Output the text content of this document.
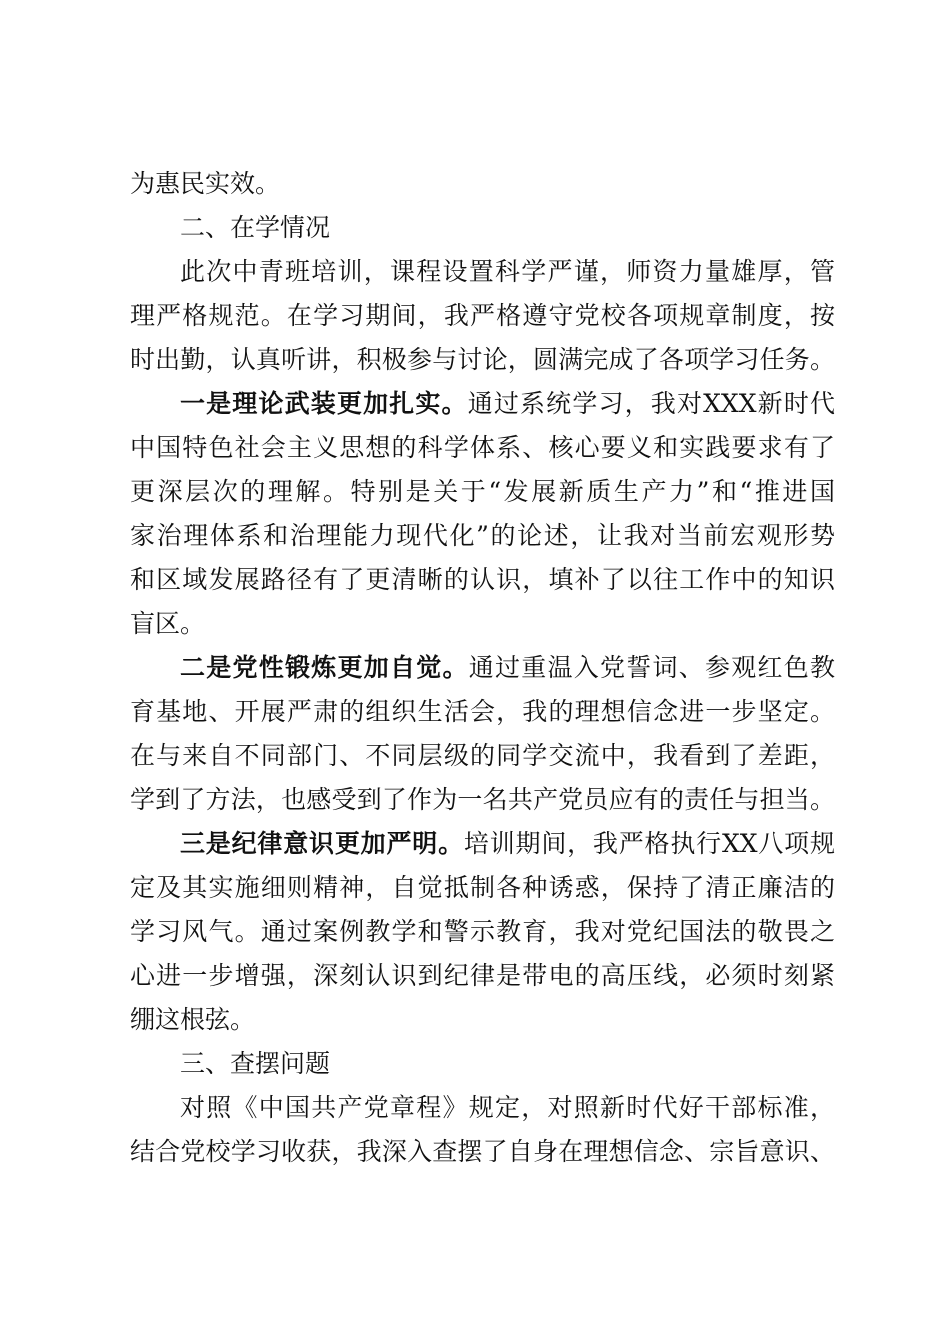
为惠民实效。
二、在学情况
此次中青班培训，课程设置科学严谨，师资力量雄厚，管
理严格规范。在学习期间，我严格遵守党校各项规章制度，按
时出勤，认真听讲，积极参与讨论，圆满完成了各项学习任务。
一是理论武装更加扎实。通过系统学习，我对XXX新时代
中国特色社会主义思想的科学体系、核心要义和实践要求有了
更深层次的理解。特别是关于“发展新质生产力”和“推进国
家治理体系和治理能力现代化”的论述，让我对当前宏观形势
和区域发展路径有了更清晰的认识，填补了以往工作中的知识
盲区。
二是党性锻炼更加自觉。通过重温入党誓词、参观红色教
育基地、开展严肃的组织生活会，我的理想信念进一步坚定。
在与来自不同部门、不同层级的同学交流中，我看到了差距，
学到了方法，也感受到了作为一名共产党员应有的责任与担当。
三是纪律意识更加严明。培训期间，我严格执行XX八项规
定及其实施细则精神，自觉抵制各种诱惑，保持了清正廉洁的
学习风气。通过案例教学和警示教育，我对党纪国法的敬畏之
心进一步增强，深刻认识到纪律是带电的高压线，必须时刻紧
绷这根弦。
三、查摆问题
对照《中国共产党章程》规定，对照新时代好干部标准，
结合党校学习收获，我深入查摆了自身在理想信念、宗旨意识、
